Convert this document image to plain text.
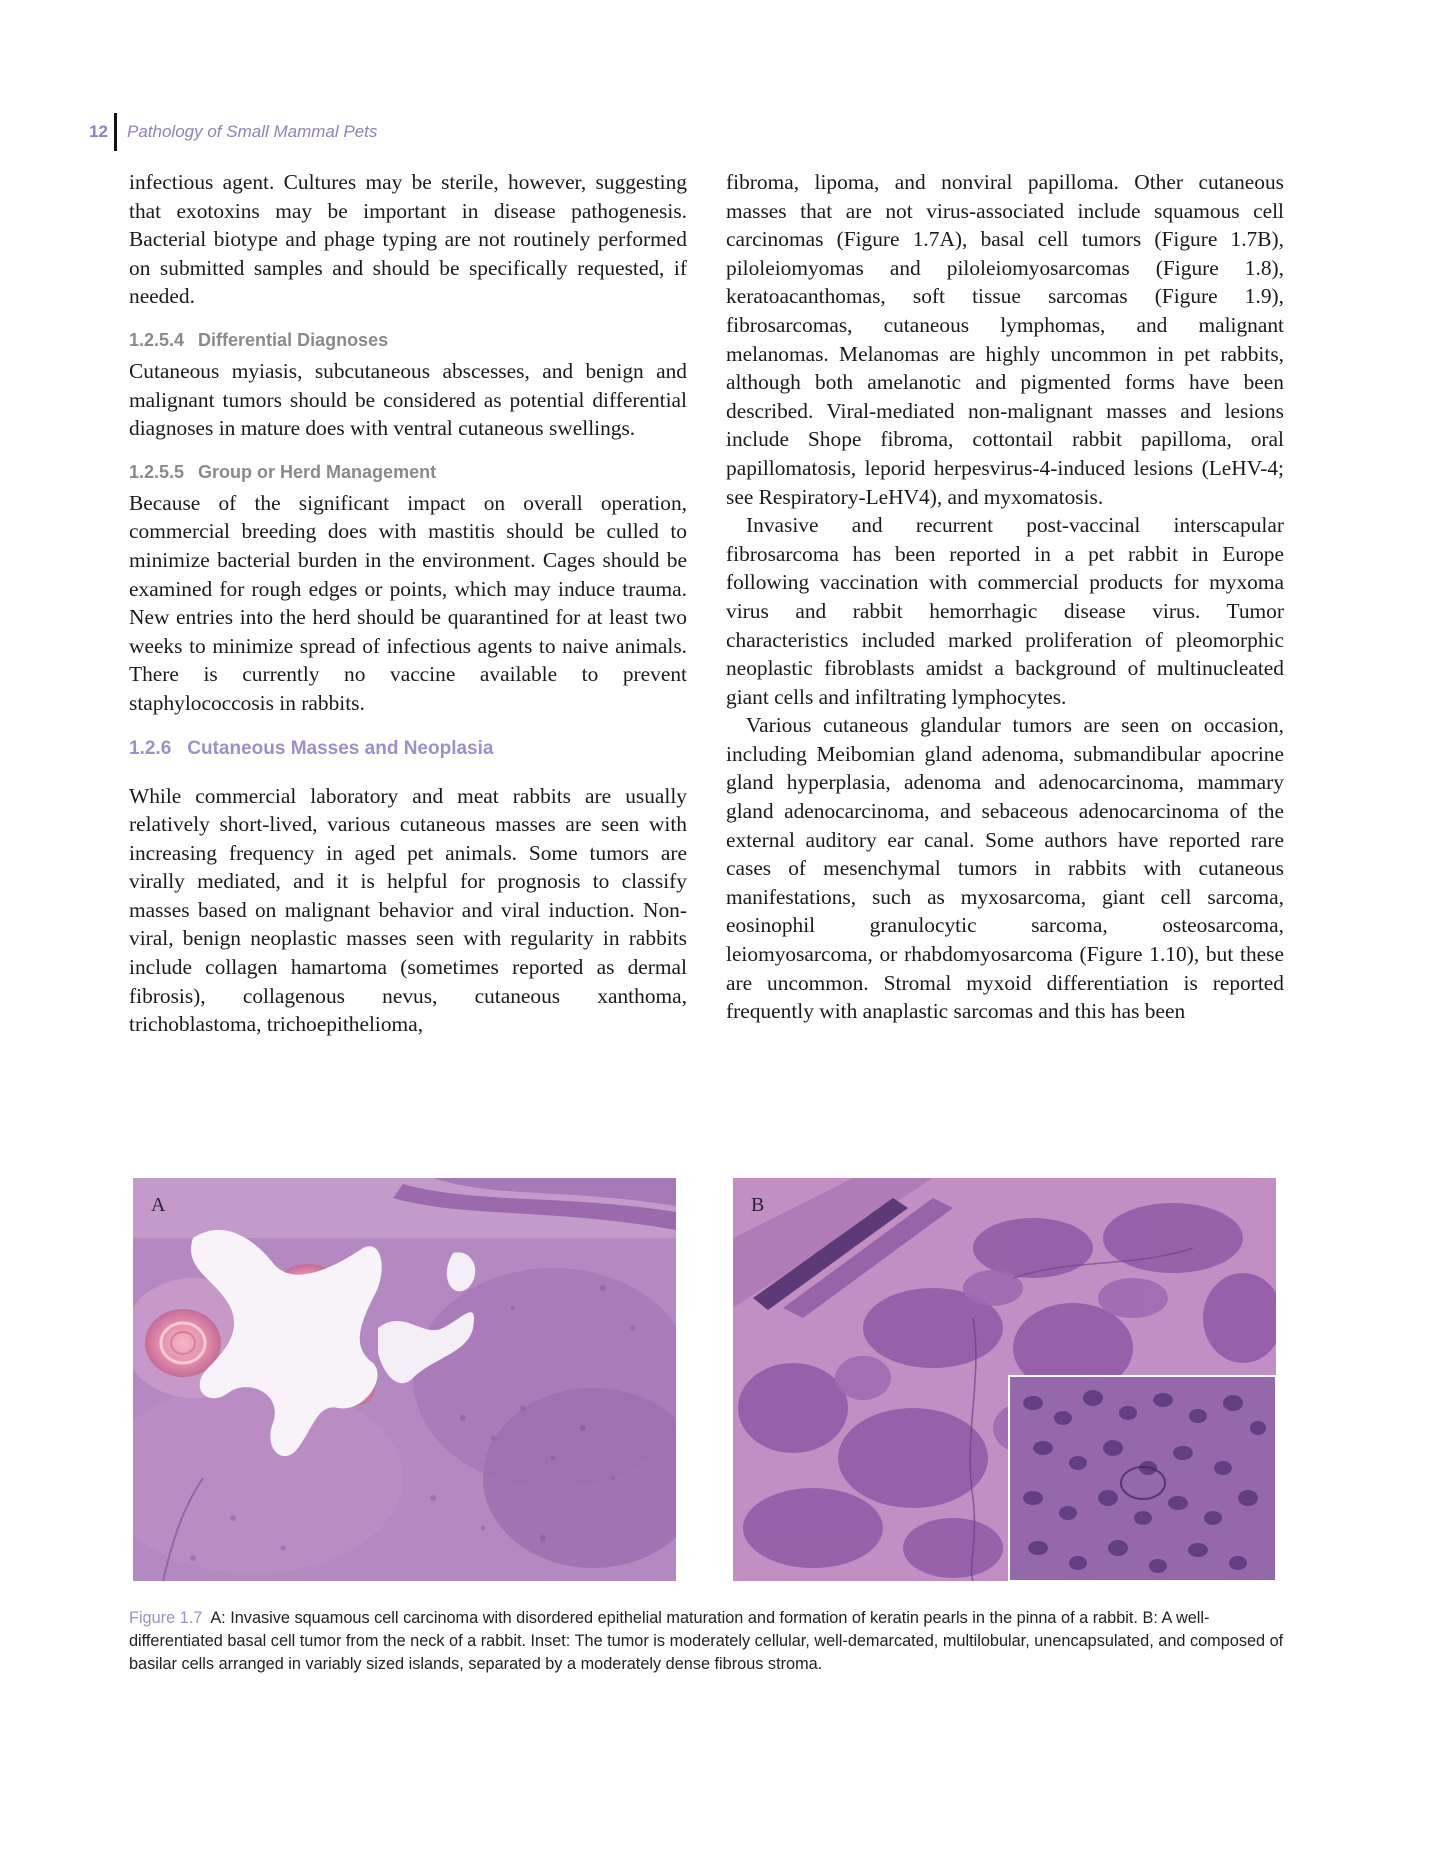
12 Pathology of Small Mammal Pets

infectious agent. Cultures may be sterile, however, suggesting that exotoxins may be important in disease pathogenesis. Bacterial biotype and phage typing are not routinely performed on submitted samples and should be specifically requested, if needed.

1.2.5.4 Differential Diagnoses

Cutaneous myiasis, subcutaneous abscesses, and benign and malignant tumors should be considered as potential differential diagnoses in mature does with ventral cutaneous swellings.

1.2.5.5 Group or Herd Management

Because of the significant impact on overall operation, commercial breeding does with mastitis should be culled to minimize bacterial burden in the environment. Cages should be examined for rough edges or points, which may induce trauma. New entries into the herd should be quarantined for at least two weeks to minimize spread of infectious agents to naive animals. There is currently no vaccine available to prevent staphylococcosis in rabbits.

1.2.6 Cutaneous Masses and Neoplasia

While commercial laboratory and meat rabbits are usually relatively short-lived, various cutaneous masses are seen with increasing frequency in aged pet animals. Some tumors are virally mediated, and it is helpful for prognosis to classify masses based on malignant behavior and viral induction. Non-viral, benign neoplastic masses seen with regularity in rabbits include collagen hamartoma (sometimes reported as dermal fibrosis), collagenous nevus, cutaneous xanthoma, trichoblastoma, trichoepithelioma,

fibroma, lipoma, and nonviral papilloma. Other cutaneous masses that are not virus-associated include squamous cell carcinomas (Figure 1.7A), basal cell tumors (Figure 1.7B), piloleiomyomas and piloleiomyosarcomas (Figure 1.8), keratoacanthomas, soft tissue sarcomas (Figure 1.9), fibrosarcomas, cutaneous lymphomas, and malignant melanomas. Melanomas are highly uncommon in pet rabbits, although both amelanotic and pigmented forms have been described. Viral-mediated non-malignant masses and lesions include Shope fibroma, cottontail rabbit papilloma, oral papillomatosis, leporid herpesvirus-4-induced lesions (LeHV-4; see Respiratory-LeHV4), and myxomatosis.

Invasive and recurrent post-vaccinal interscapular fibrosarcoma has been reported in a pet rabbit in Europe following vaccination with commercial products for myxoma virus and rabbit hemorrhagic disease virus. Tumor characteristics included marked proliferation of pleomorphic neoplastic fibroblasts amidst a background of multinucleated giant cells and infiltrating lymphocytes.

Various cutaneous glandular tumors are seen on occasion, including Meibomian gland adenoma, submandibular apocrine gland hyperplasia, adenoma and adenocarcinoma, mammary gland adenocarcinoma, and sebaceous adenocarcinoma of the external auditory ear canal. Some authors have reported rare cases of mesenchymal tumors in rabbits with cutaneous manifestations, such as myxosarcoma, giant cell sarcoma, eosinophil granulocytic sarcoma, osteosarcoma, leiomyosarcoma, or rhabdomyosarcoma (Figure 1.10), but these are uncommon. Stromal myxoid differentiation is reported frequently with anaplastic sarcomas and this has been

A	B
Figure 1.7 A: Invasive squamous cell carcinoma with disordered epithelial maturation and formation of keratin pearls in the pinna of a rabbit. B: A well-differentiated basal cell tumor from the neck of a rabbit. Inset: The tumor is moderately cellular, well-demarcated, multilobular, unencapsulated, and composed of basilar cells arranged in variably sized islands, separated by a moderately dense fibrous stroma.
